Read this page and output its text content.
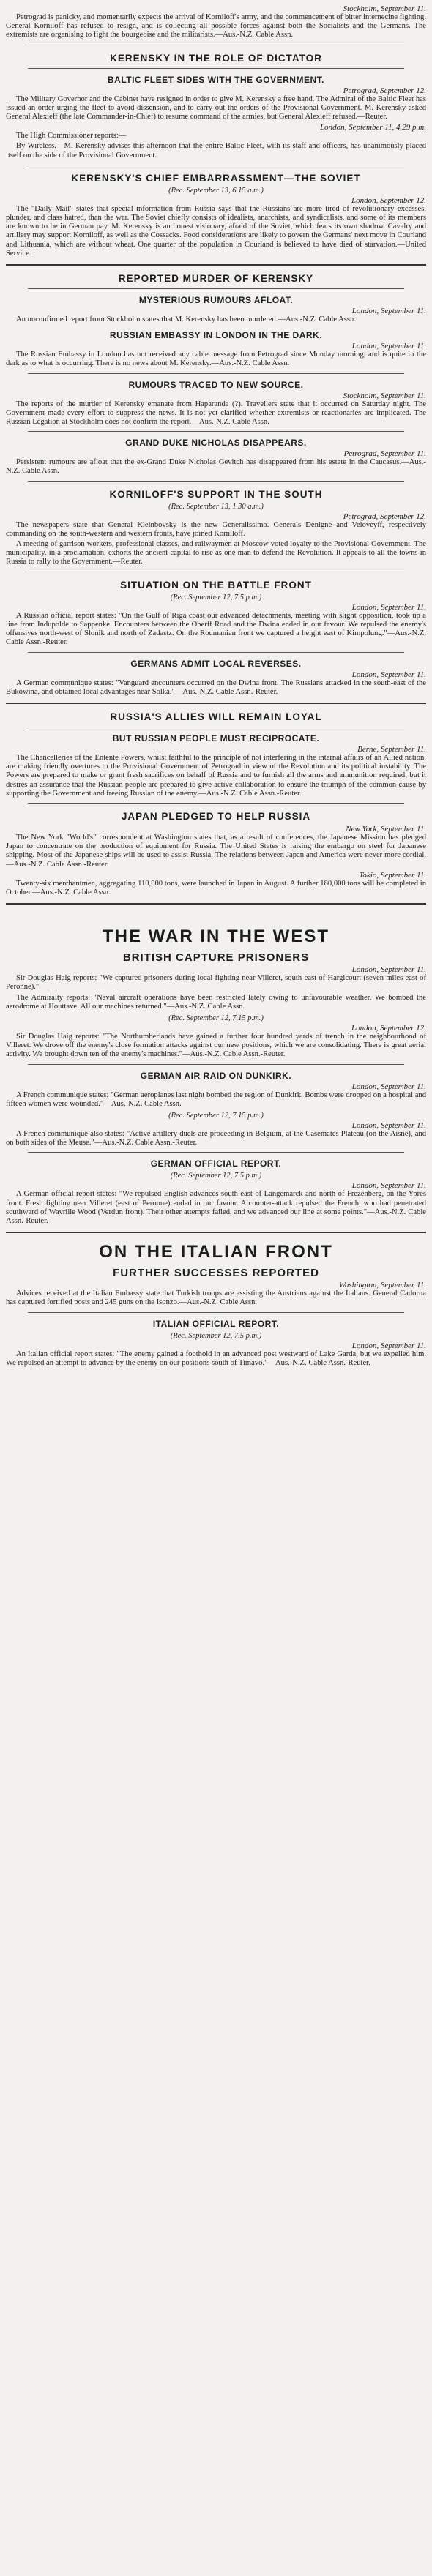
Stockholm, September 11.

Petrograd is panicky, and momentarily expects the arrival of Korniloff's army, and the commencement of bitter internecine fighting. General Korniloff has refused to resign, and is collecting all possible forces against both the Socialists and the Germans. The extremists are organising to fight the bourgeoise and the militarists.—Aus.-N.Z. Cable Assn.

KERENSKY IN THE ROLE OF DICTATOR
BALTIC FLEET SIDES WITH THE GOVERNMENT.
Petrograd, September 12.

The Military Governor and the Cabinet have resigned in order to give M. Kerensky a free hand. The Admiral of the Baltic Fleet has issued an order urging the fleet to avoid dissension, and to carry out the orders of the Provisional Government. M. Kerensky asked General Alexieff (the late Commander-in-Chief) to resume command of the armies, but General Alexieff refused.—Reuter.

London, September 11, 4.29 p.m.

The High Commissioner reports:—

By Wireless.—M. Kerensky advises this afternoon that the entire Baltic Fleet, with its staff and officers, has unanimously placed itself on the side of the Provisional Government.

KERENSKY'S CHIEF EMBARRASSMENT—THE SOVIET
(Rec. September 13, 6.15 a.m.)
London, September 12.

The "Daily Mail" states that special information from Russia says that the Russians are more tired of revolutionary excesses, plunder, and class hatred, than the war. The Soviet chiefly consists of idealists, anarchists, and syndicalists, and some of its members are known to be in German pay. M. Kerensky is an honest visionary, afraid of the Soviet, which fears its own shadow. Cavalry and artillery may support Korniloff, as well as the Cossacks. Food considerations are likely to govern the Germans' next move in Courland and Lithuania, which are without wheat. One quarter of the population in Courland is believed to have died of starvation.—United Service.

REPORTED MURDER OF KERENSKY
MYSTERIOUS RUMOURS AFLOAT.
London, September 11.

An unconfirmed report from Stockholm states that M. Kerensky has been murdered.—Aus.-N.Z. Cable Assn.

RUSSIAN EMBASSY IN LONDON IN THE DARK.
London, September 11.

The Russian Embassy in London has not received any cable message from Petrograd since Monday morning, and is quite in the dark as to what is occurring. There is no news about M. Kerensky.—Aus.-N.Z. Cable Assn.

RUMOURS TRACED TO NEW SOURCE.
Stockholm, September 11.

The reports of the murder of Kerensky emanate from Haparanda (?). Travellers state that it occurred on Saturday night. The Government made every effort to suppress the news. It is not yet clarified whether extremists or reactionaries are implicated. The Russian Legation at Stockholm does not confirm the report.—Aus.-N.Z. Cable Assn.

GRAND DUKE NICHOLAS DISAPPEARS.
Petrograd, September 11.

Persistent rumours are afloat that the ex-Grand Duke Nicholas Gevitch has disappeared from his estate in the Caucasus.—Aus.-N.Z. Cable Assn.

KORNILOFF'S SUPPORT IN THE SOUTH
(Rec. September 13, 1.30 a.m.)
Petrograd, September 12.

The newspapers state that General Kleinbovsky is the new Generalissimo. Generals Denigne and Veloveyff, respectively commanding on the south-western and western fronts, have joined Korniloff.

A meeting of garrison workers, professional classes, and railwaymen at Moscow voted loyalty to the Provisional Government. The municipality, in a proclamation, exhorts the ancient capital to rise as one man to defend the Revolution. It appeals to all the towns in Russia to rally to the Government.—Reuter.

SITUATION ON THE BATTLE FRONT
(Rec. September 12, 7.5 p.m.)
London, September 11.

A Russian official report states: "On the Gulf of Riga coast our advanced detachments, meeting with slight opposition, took up a line from Indupolde to Sappenke. Encounters between the Oberff Road and the Dwina ended in our favour. We repulsed the enemy's offensives north-west of Slonik and north of Zadastz. On the Roumanian front we captured a height east of Kimpolung."—Aus.-N.Z. Cable Assn.-Reuter.

GERMANS ADMIT LOCAL REVERSES.
London, September 11.

A German communique states: "Vanguard encounters occurred on the Dwina front. The Russians attacked in the south-east of the Bukowina, and obtained local advantages near Solka."—Aus.-N.Z. Cable Assn.-Reuter.

RUSSIA'S ALLIES WILL REMAIN LOYAL
BUT RUSSIAN PEOPLE MUST RECIPROCATE.
Berne, September 11.

The Chancelleries of the Entente Powers, whilst faithful to the principle of not interfering in the internal affairs of an Allied nation, are making friendly overtures to the Provisional Government of Petrograd in view of the Revolution and its political instability. The Powers are prepared to make or grant fresh sacrifices on behalf of Russia and to furnish all the arms and ammunition required; but it desires an assurance that the Russian people are prepared to give active collaboration to ensure the triumph of the common cause by supporting the Government and freeing Russian of the enemy.—Aus.-N.Z. Cable Assn.-Reuter.

JAPAN PLEDGED TO HELP RUSSIA
New York, September 11.

The New York "World's" correspondent at Washington states that, as a result of conferences, the Japanese Mission has pledged Japan to concentrate on the production of equipment for Russia. The United States is raising the embargo on steel for Japanese shipping. Most of the Japanese ships will be used to assist Russia. The relations between Japan and America were never more cordial.—Aus.-N.Z. Cable Assn.-Reuter.

Tokio, September 11.

Twenty-six merchantmen, aggregating 110,000 tons, were launched in Japan in August. A further 180,000 tons will be completed in October.—Aus.-N.Z. Cable Assn.

THE WAR IN THE WEST
BRITISH CAPTURE PRISONERS
London, September 11.

Sir Douglas Haig reports: "We captured prisoners during local fighting near Villeret, south-east of Hargicourt (seven miles east of Peronne)."

The Admiralty reports: "Naval aircraft operations have been restricted lately owing to unfavourable weather. We bombed the aerodrome at Houttave. All our machines returned."—Aus.-N.Z. Cable Assn.

(Rec. September 12, 7.15 p.m.)
London, September 12.

Sir Douglas Haig reports: "The Northumberlands have gained a further four hundred yards of trench in the neighbourhood of Villeret. We drove off the enemy's close formation attacks against our new positions, which we are consolidating. There is great aerial activity. We brought down ten of the enemy's machines."—Aus.-N.Z. Cable Assn.-Reuter.

GERMAN AIR RAID ON DUNKIRK.
London, September 11.

A French communique states: "German aeroplanes last night bombed the region of Dunkirk. Bombs were dropped on a hospital and fifteen women were wounded."—Aus.-N.Z. Cable Assn.

(Rec. September 12, 7.15 p.m.)
London, September 11.

A French communique also states: "Active artillery duels are proceeding in Belgium, at the Casemates Plateau (on the Aisne), and on both sides of the Meuse."—Aus.-N.Z. Cable Assn.-Reuter.

GERMAN OFFICIAL REPORT.
(Rec. September 12, 7.5 p.m.)
London, September 11.

A German official report states: "We repulsed English advances south-east of Langemarck and north of Frezenberg, on the Ypres front. Fresh fighting near Villeret (east of Peronne) ended in our favour. A counter-attack repulsed the French, who had penetrated southward of Wavrille Wood (Verdun front). Their other attempts failed, and we advanced our line at some points."—Aus.-N.Z. Cable Assn.-Reuter.

ON THE ITALIAN FRONT
FURTHER SUCCESSES REPORTED
Washington, September 11.

Advices received at the Italian Embassy state that Turkish troops are assisting the Austrians against the Italians. General Cadorna has captured fortified posts and 245 guns on the Isonzo.—Aus.-N.Z. Cable Assn.

ITALIAN OFFICIAL REPORT.
(Rec. September 12, 7.5 p.m.)
London, September 11.

An Italian official report states: "The enemy gained a foothold in an advanced post westward of Lake Garda, but we expelled him. We repulsed an attempt to advance by the enemy on our positions south of Timavo."—Aus.-N.Z. Cable Assn.-Reuter.
